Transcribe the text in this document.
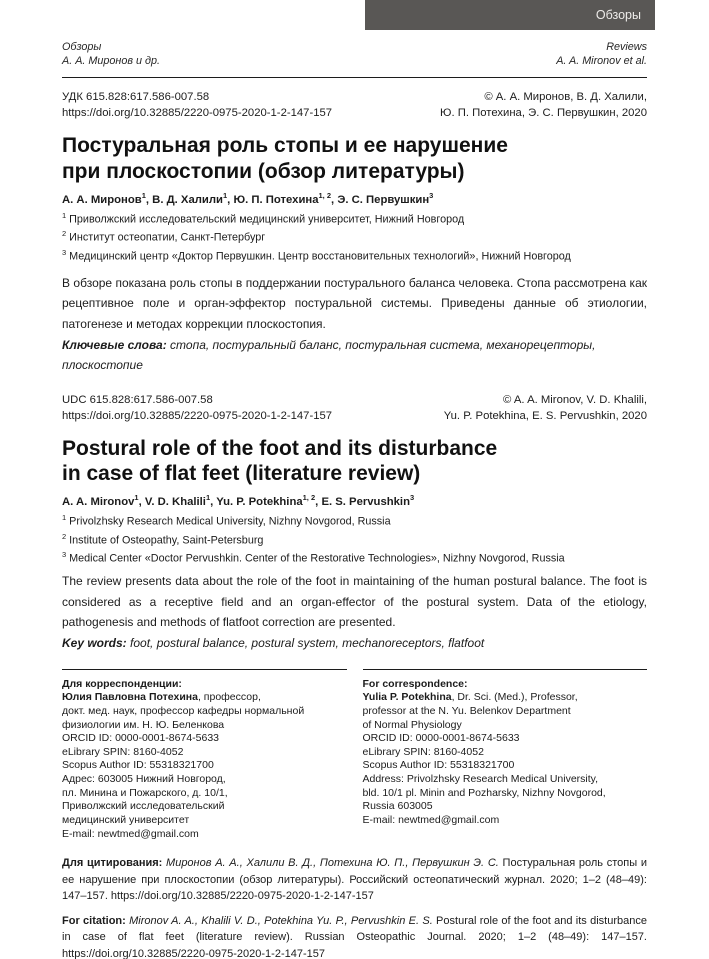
Обзоры
Обзоры
А. А. Миронов и др.
Reviews
A. A. Mironov et al.
УДК 615.828:617.586-007.58
https://doi.org/10.32885/2220-0975-2020-1-2-147-157
© А. А. Миронов, В. Д. Халили,
Ю. П. Потехина, Э. С. Первушкин, 2020
Постуральная роль стопы и ее нарушение
при плоскостопии (обзор литературы)

А. А. Миронов$^1$, В. Д. Халили$^1$, Ю. П. Потехина$^{1, 2}$, Э. С. Первушкин$^3$

$^1$ Приволжский исследовательский медицинский университет, Нижний Новгород
$^2$ Институт остеопатии, Санкт-Петербург
$^3$ Медицинский центр «Доктор Первушкин. Центр восстановительных технологий», Нижний Новгород

В обзоре показана роль стопы в поддержании постурального баланса человека. Стопа рассмотрена как рецептивное поле и орган-эффектор постуральной системы. Приведены данные об этиологии, патогенезе и методах коррекции плоскостопия.

Ключевые слова: стопа, постуральный баланс, постуральная система, механорецепторы, плоскостопие

UDC 615.828:617.586-007.58
https://doi.org/10.32885/2220-0975-2020-1-2-147-157
© A. A. Mironov, V. D. Khalili,
Yu. P. Potekhina, E. S. Pervushkin, 2020
Postural role of the foot and its disturbance
in case of flat feet (literature review)

A. A. Mironov$^1$, V. D. Khalili$^1$, Yu. P. Potekhina$^{1, 2}$, E. S. Pervushkin$^3$

$^1$ Privolzhsky Research Medical University, Nizhny Novgorod, Russia
$^2$ Institute of Osteopathy, Saint-Petersburg
$^3$ Medical Center «Doctor Pervushkin. Center of the Restorative Technologies», Nizhny Novgorod, Russia

The review presents data about the role of the foot in maintaining of the human postural balance. The foot is considered as a receptive field and an organ-effector of the postural system. Data of the etiology, pathogenesis and methods of flatfoot correction are presented.

Key words: foot, postural balance, postural system, mechanoreceptors, flatfoot

Для корреспонденции:
Юлия Павловна Потехина, профессор,
докт. мед. наук, профессор кафедры нормальной
физиологии им. Н. Ю. Беленкова
ORCID ID: 0000-0001-8674-5633
eLibrary SPIN: 8160-4052
Scopus Author ID: 55318321700
Адрес: 603005 Нижний Новгород,
пл. Минина и Пожарского, д. 10/1,
Приволжский исследовательский
медицинский университет
E-mail: newtmed@gmail.com
For correspondence:
Yulia P. Potekhina, Dr. Sci. (Med.), Professor,
professor at the N. Yu. Belenkov Department
of Normal Physiology
ORCID ID: 0000-0001-8674-5633
eLibrary SPIN: 8160-4052
Scopus Author ID: 55318321700
Address: Privolzhsky Research Medical University,
bld. 10/1 pl. Minin and Pozharsky, Nizhny Novgorod,
Russia 603005
E-mail: newtmed@gmail.com

Для цитирования: Миронов А. А., Халили В. Д., Потехина Ю. П., Первушкин Э. С. Постуральная роль стопы и ее нарушение при плоскостопии (обзор литературы). Российский остеопатический журнал. 2020; 1–2 (48–49): 147–157. https://doi.org/10.32885/2220-0975-2020-1-2-147-157

For citation: Mironov A. A., Khalili V. D., Potekhina Yu. P., Pervushkin E. S. Postural role of the foot and its disturbance in case of flat feet (literature review). Russian Osteopathic Journal. 2020; 1–2 (48–49): 147–157. https://doi.org/10.32885/2220-0975-2020-1-2-147-157
